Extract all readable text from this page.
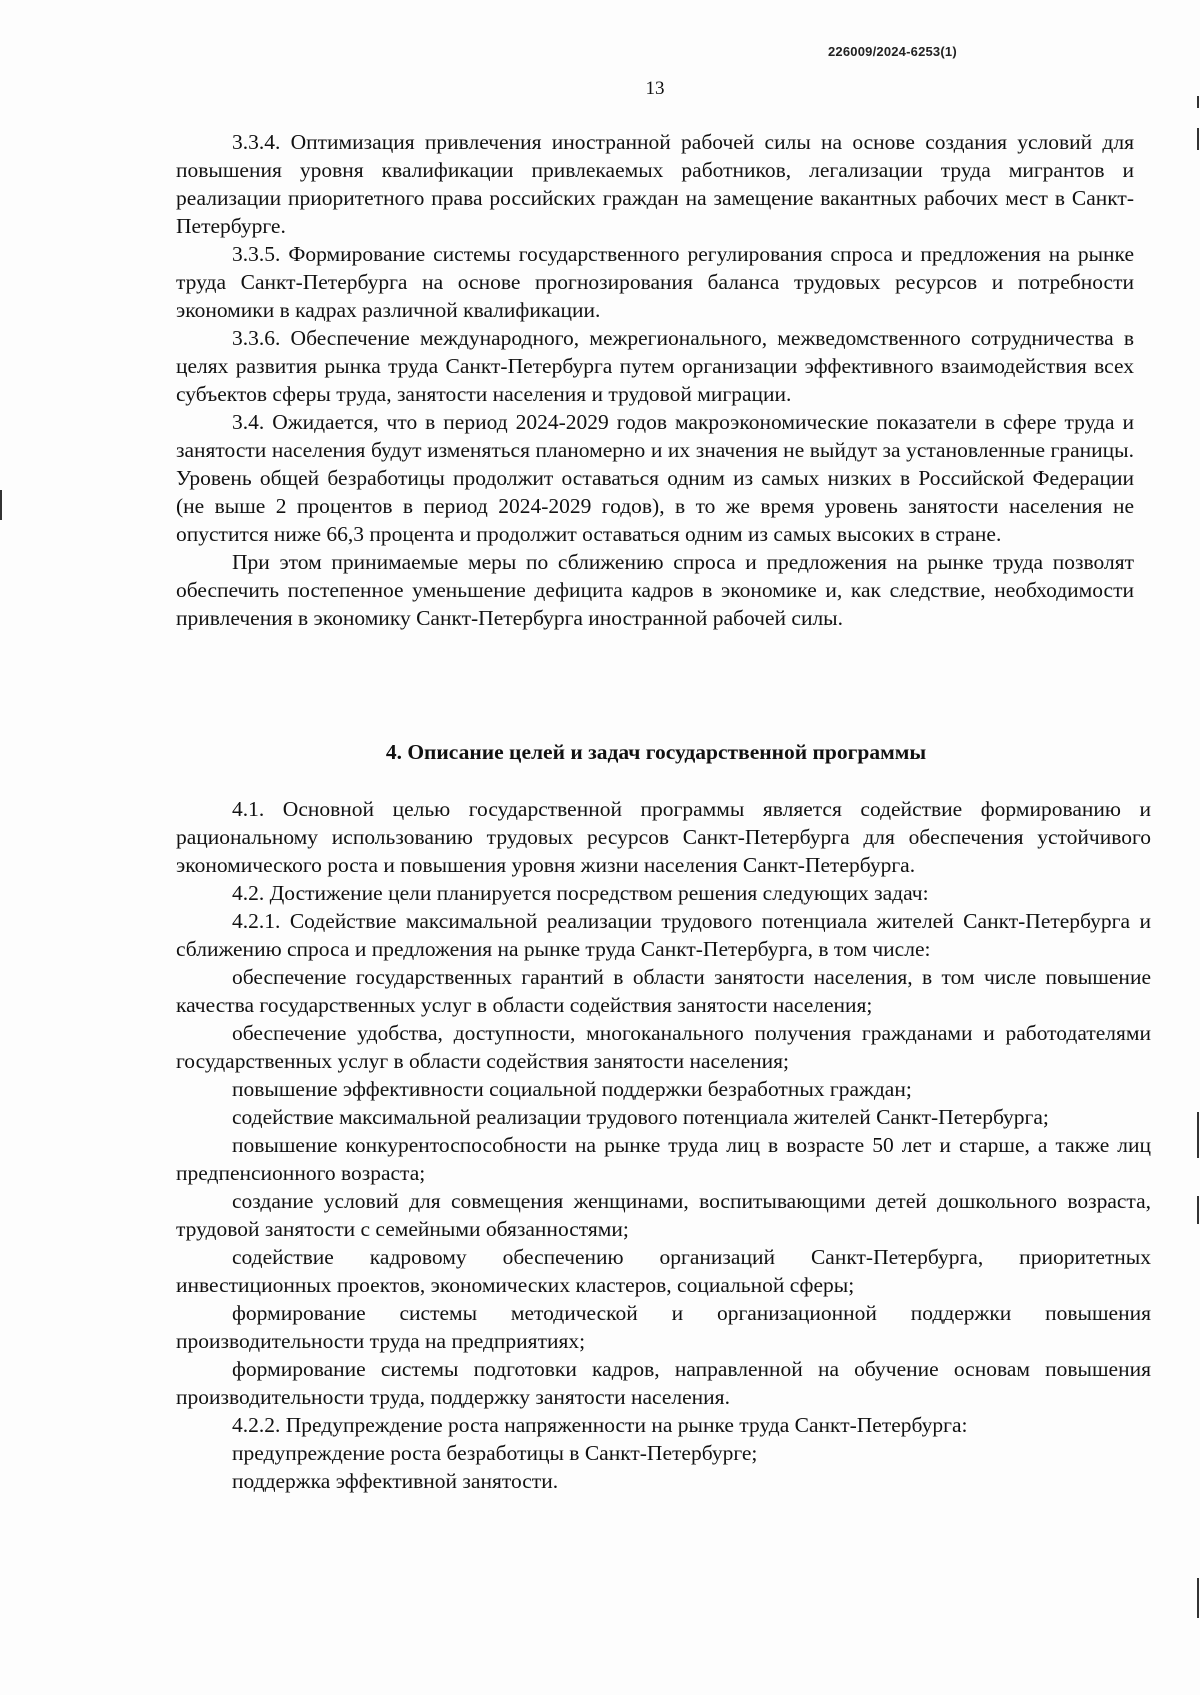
226009/2024-6253(1)
13

3.3.4. Оптимизация привлечения иностранной рабочей силы на основе создания условий для повышения уровня квалификации привлекаемых работников, легализации труда мигрантов и реализации приоритетного права российских граждан на замещение вакантных рабочих мест в Санкт-Петербурге.

3.3.5. Формирование системы государственного регулирования спроса и предложения на рынке труда Санкт-Петербурга на основе прогнозирования баланса трудовых ресурсов и потребности экономики в кадрах различной квалификации.

3.3.6. Обеспечение международного, межрегионального, межведомственного сотрудничества в целях развития рынка труда Санкт-Петербурга путем организации эффективного взаимодействия всех субъектов сферы труда, занятости населения и трудовой миграции.

3.4. Ожидается, что в период 2024-2029 годов макроэкономические показатели в сфере труда и занятости населения будут изменяться планомерно и их значения не выйдут за установленные границы. Уровень общей безработицы продолжит оставаться одним из самых низких в Российской Федерации (не выше 2 процентов в период 2024-2029 годов), в то же время уровень занятости населения не опустится ниже 66,3 процента и продолжит оставаться одним из самых высоких в стране.

При этом принимаемые меры по сближению спроса и предложения на рынке труда позволят обеспечить постепенное уменьшение дефицита кадров в экономике и, как следствие, необходимости привлечения в экономику Санкт-Петербурга иностранной рабочей силы.

4. Описание целей и задач государственной программы

4.1. Основной целью государственной программы является содействие формированию и рациональному использованию трудовых ресурсов Санкт-Петербурга для обеспечения устойчивого экономического роста и повышения уровня жизни населения Санкт-Петербурга.

4.2. Достижение цели планируется посредством решения следующих задач:

4.2.1. Содействие максимальной реализации трудового потенциала жителей Санкт-Петербурга и сближению спроса и предложения на рынке труда Санкт-Петербурга, в том числе:

обеспечение государственных гарантий в области занятости населения, в том числе повышение качества государственных услуг в области содействия занятости населения;

обеспечение удобства, доступности, многоканального получения гражданами и работодателями государственных услуг в области содействия занятости населения;

повышение эффективности социальной поддержки безработных граждан;

содействие максимальной реализации трудового потенциала жителей Санкт-Петербурга;

повышение конкурентоспособности на рынке труда лиц в возрасте 50 лет и старше, а также лиц предпенсионного возраста;

создание условий для совмещения женщинами, воспитывающими детей дошкольного возраста, трудовой занятости с семейными обязанностями;

содействие кадровому обеспечению организаций Санкт-Петербурга, приоритетных инвестиционных проектов, экономических кластеров, социальной сферы;

формирование системы методической и организационной поддержки повышения производительности труда на предприятиях;

формирование системы подготовки кадров, направленной на обучение основам повышения производительности труда, поддержку занятости населения.

4.2.2. Предупреждение роста напряженности на рынке труда Санкт-Петербурга:

предупреждение роста безработицы в Санкт-Петербурге;

поддержка эффективной занятости.
